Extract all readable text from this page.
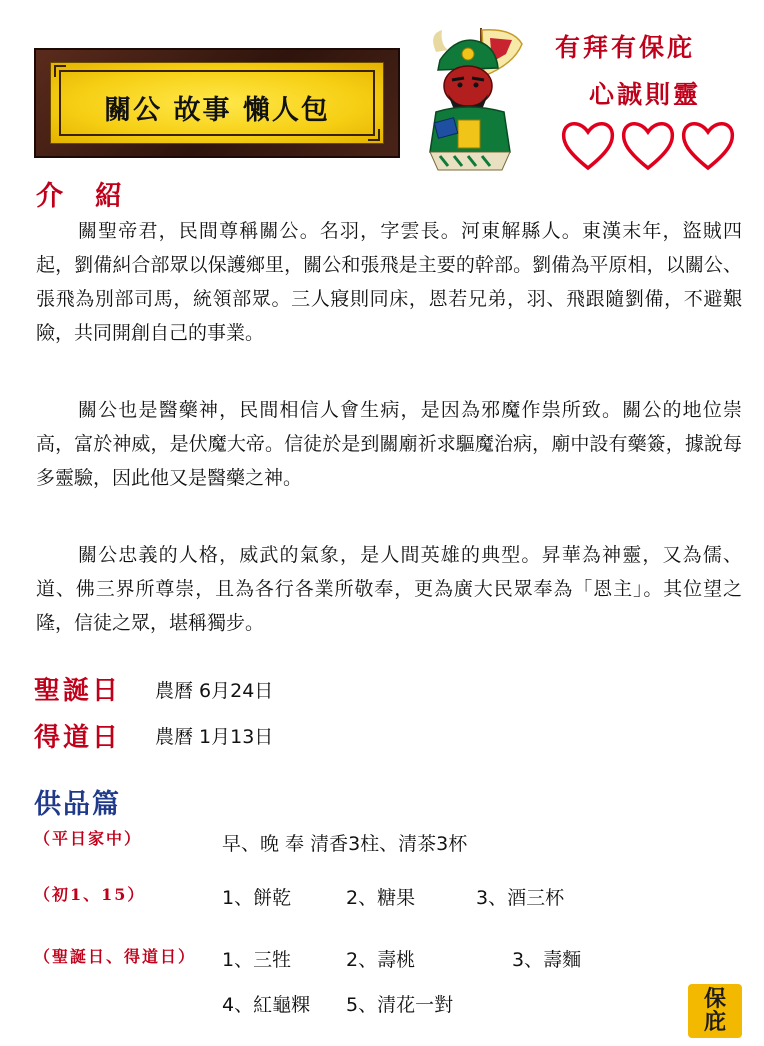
關公 故事 懶人包
有拜有保庇
心誠則靈
介紹
關聖帝君，民間尊稱關公。名羽，字雲長。河東解縣人。東漢末年，盜賊四起，劉備糾合部眾以保護鄉里，關公和張飛是主要的幹部。劉備為平原相，以關公、張飛為別部司馬，統領部眾。三人寢則同床，恩若兄弟，羽、飛跟隨劉備，不避艱險，共同開創自己的事業。
關公也是醫藥神，民間相信人會生病，是因為邪魔作祟所致。關公的地位崇高，富於神威，是伏魔大帝。信徒於是到關廟祈求驅魔治病，廟中設有藥簽，據說每多靈驗，因此他又是醫藥之神。
關公忠義的人格，威武的氣象，是人間英雄的典型。昇華為神靈，又為儒、道、佛三界所尊崇，且為各行各業所敬奉，更為廣大民眾奉為「恩主」。其位望之隆，信徒之眾，堪稱獨步。
聖誕日 農曆 6月24日
得道日 農曆 1月13日
供品篇
（平日家中）	早、晚 奉 清香3柱、清茶3杯
（初1、15）	1、餅乾	2、糖果	3、酒三杯
（聖誕日、得道日） 1、三牲	2、壽桃	3、壽麵
4、紅龜粿 5、清花一對	保
庇
